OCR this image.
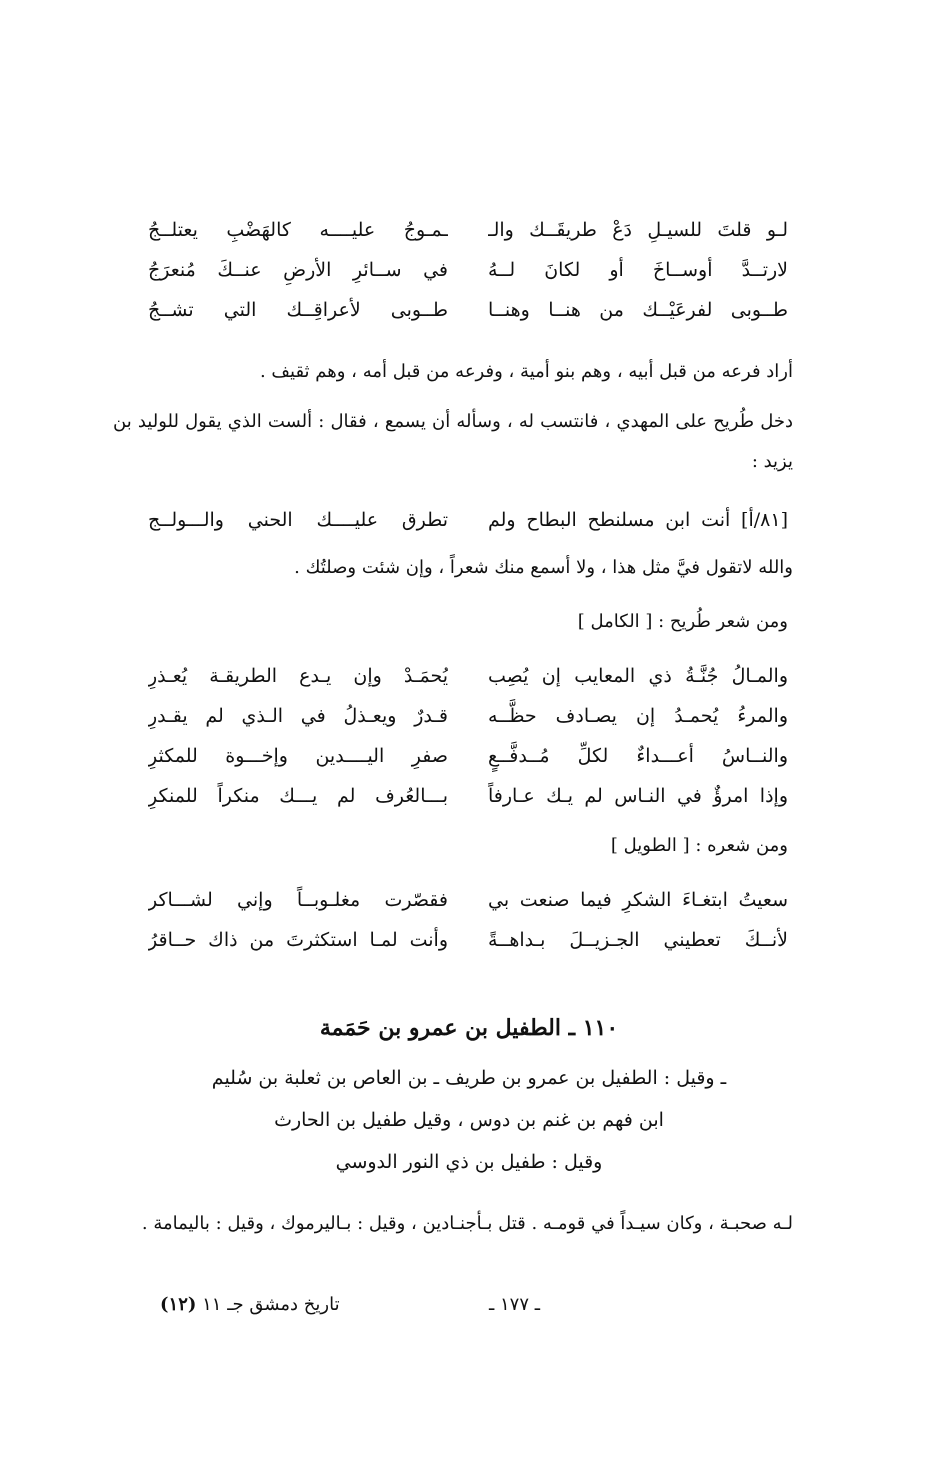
لـو قلتَ للسيـلِ دَعْ طريقَــك والـ
ـمـوجُ عليــــه كالهَضْبِ يعتلــجُ
لارتــدَّ أوســاخَ أو لكانَ لــهُ
في ســائرِ الأرضِ عنــكَ مُنعرَجُ
طــوبى لفرعَيْــك من هنــا وهنــا
طــوبى لأعراقِــك التي تشــجُ
أراد فرعه من قبل أبيه ، وهم بنو أمية ، وفرعه من قبل أمه ، وهم ثقيف .
دخل طُريح على المهدي ، فانتسب له ، وسأله أن يسمع ، فقال : ألست الذي يقول للوليد بن يزيد :
[٨١/أ] أنت ابن مسلنطح البطاح ولم
تطرق عليــــك الحني والـــولــج
والله لاتقول فيَّ مثل هذا ، ولا أسمع منك شعراً ، وإن شئت وصلتُك .
ومن شعر طُريح : [ الكامل ]
والمـالُ جُنَّـةُ ذي المعايب إن يُصِب
يُحمَـدْ وإن يـدع الطريقـة يُعـذرِ
والمرءُ يُحمـدُ إن يصـادف حظَّــه
قـدرٌ ويعـذلُ في الـذي لم يقـدرِ
والنــاسُ أعـــداءٌ لكلِّ مُــدفَّــعٍ
صفرِ اليــــدين وإخـــوة للمكثرِ
وإذا امرؤٌ في النـاس لم يـك عـارفاً
بـــالعُرف لم يـــك منكراً للمنكرِ
ومن شعره : [ الطويل ]
سعيتُ ابتغـاءَ الشكرِ فيما صنعت بي
فقصّرت مغلـوبــاً وإني لشـــاكر
لأنــكَ تعطيني الجـزيــلَ بـداهــةً
وأنت لمـا استكثرتَ من ذاك حــاقرُ
١١٠ ـ الطفيل بن عمرو بن حَمَمة
ـ وقيل : الطفيل بن عمرو بن طريف ـ بن العاص بن ثعلبة بن سُليم
ابن فهم بن غنم بن دوس ، وقيل طفيل بن الحارث
وقيل : طفيل بن ذي النور الدوسي
لـه صحبـة ، وكان سيـداً في قومـه . قتل بـأجنـادين ، وقيل : بـاليرموك ، وقيل : باليمامة .
ـ ١٧٧ ـ
تاريخ دمشق جـ ١١ (١٢)
